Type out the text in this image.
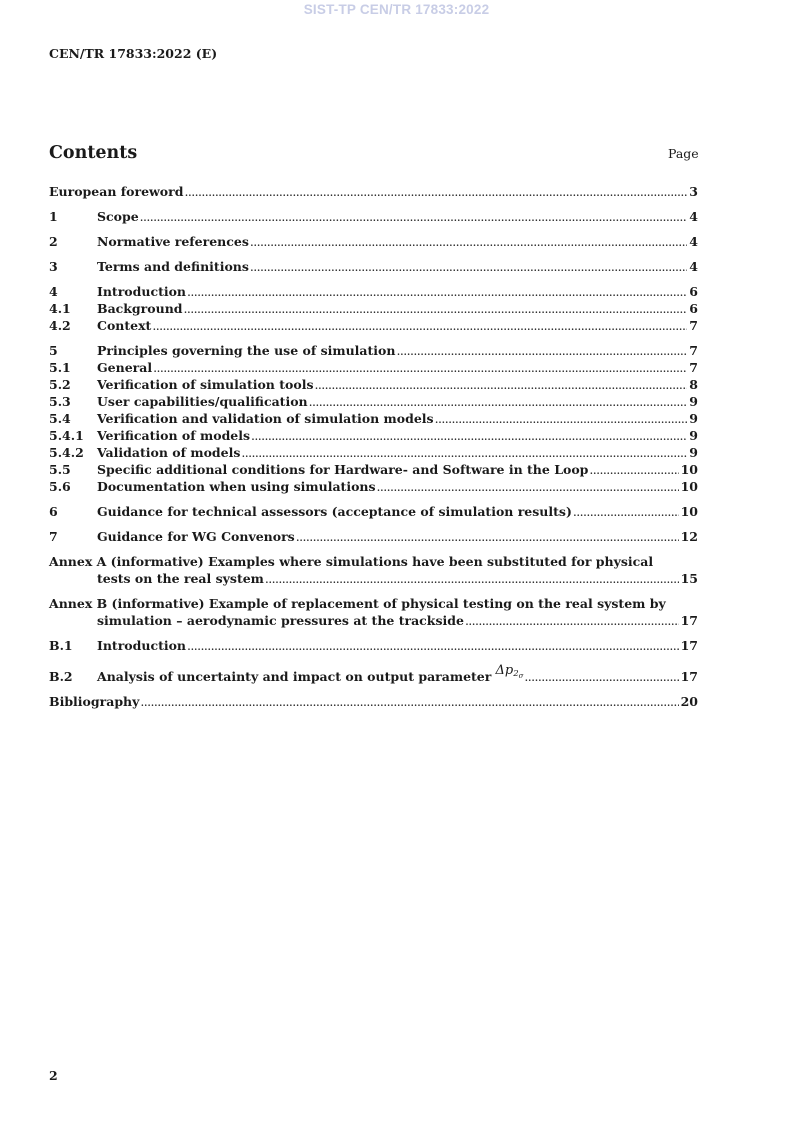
SIST-TP CEN/TR 17833:2022
CEN/TR 17833:2022 (E)
Contents	Page
European foreword .....	3
1	Scope .....	4
2	Normative references .....	4
3	Terms and definitions .....	4
4	Introduction .....	6
4.1	Background .....	6
4.2	Context .....	7
5	Principles governing the use of simulation .....	7
5.1	General .....	7
5.2	Verification of simulation tools .....	8
5.3	User capabilities/qualification .....	9
5.4	Verification and validation of simulation models .....	9
5.4.1	Verification of models .....	9
5.4.2	Validation of models .....	9
5.5	Specific additional conditions for Hardware- and Software in the Loop .....	10
5.6	Documentation when using simulations .....	10
6	Guidance for technical assessors (acceptance of simulation results) .....	10
7	Guidance for WG Convenors .....	12
Annex A (informative) Examples where simulations have been substituted for physical
tests on the real system .....	15
Annex B (informative) Example of replacement of physical testing on the real system by
simulation – aerodynamic pressures at the trackside .....	17
B.1	Introduction .....	17
B.2	Analysis of uncertainty and impact on output parameter $\Delta p_{2\sigma}$ .....	17
Bibliography .....	20
2
